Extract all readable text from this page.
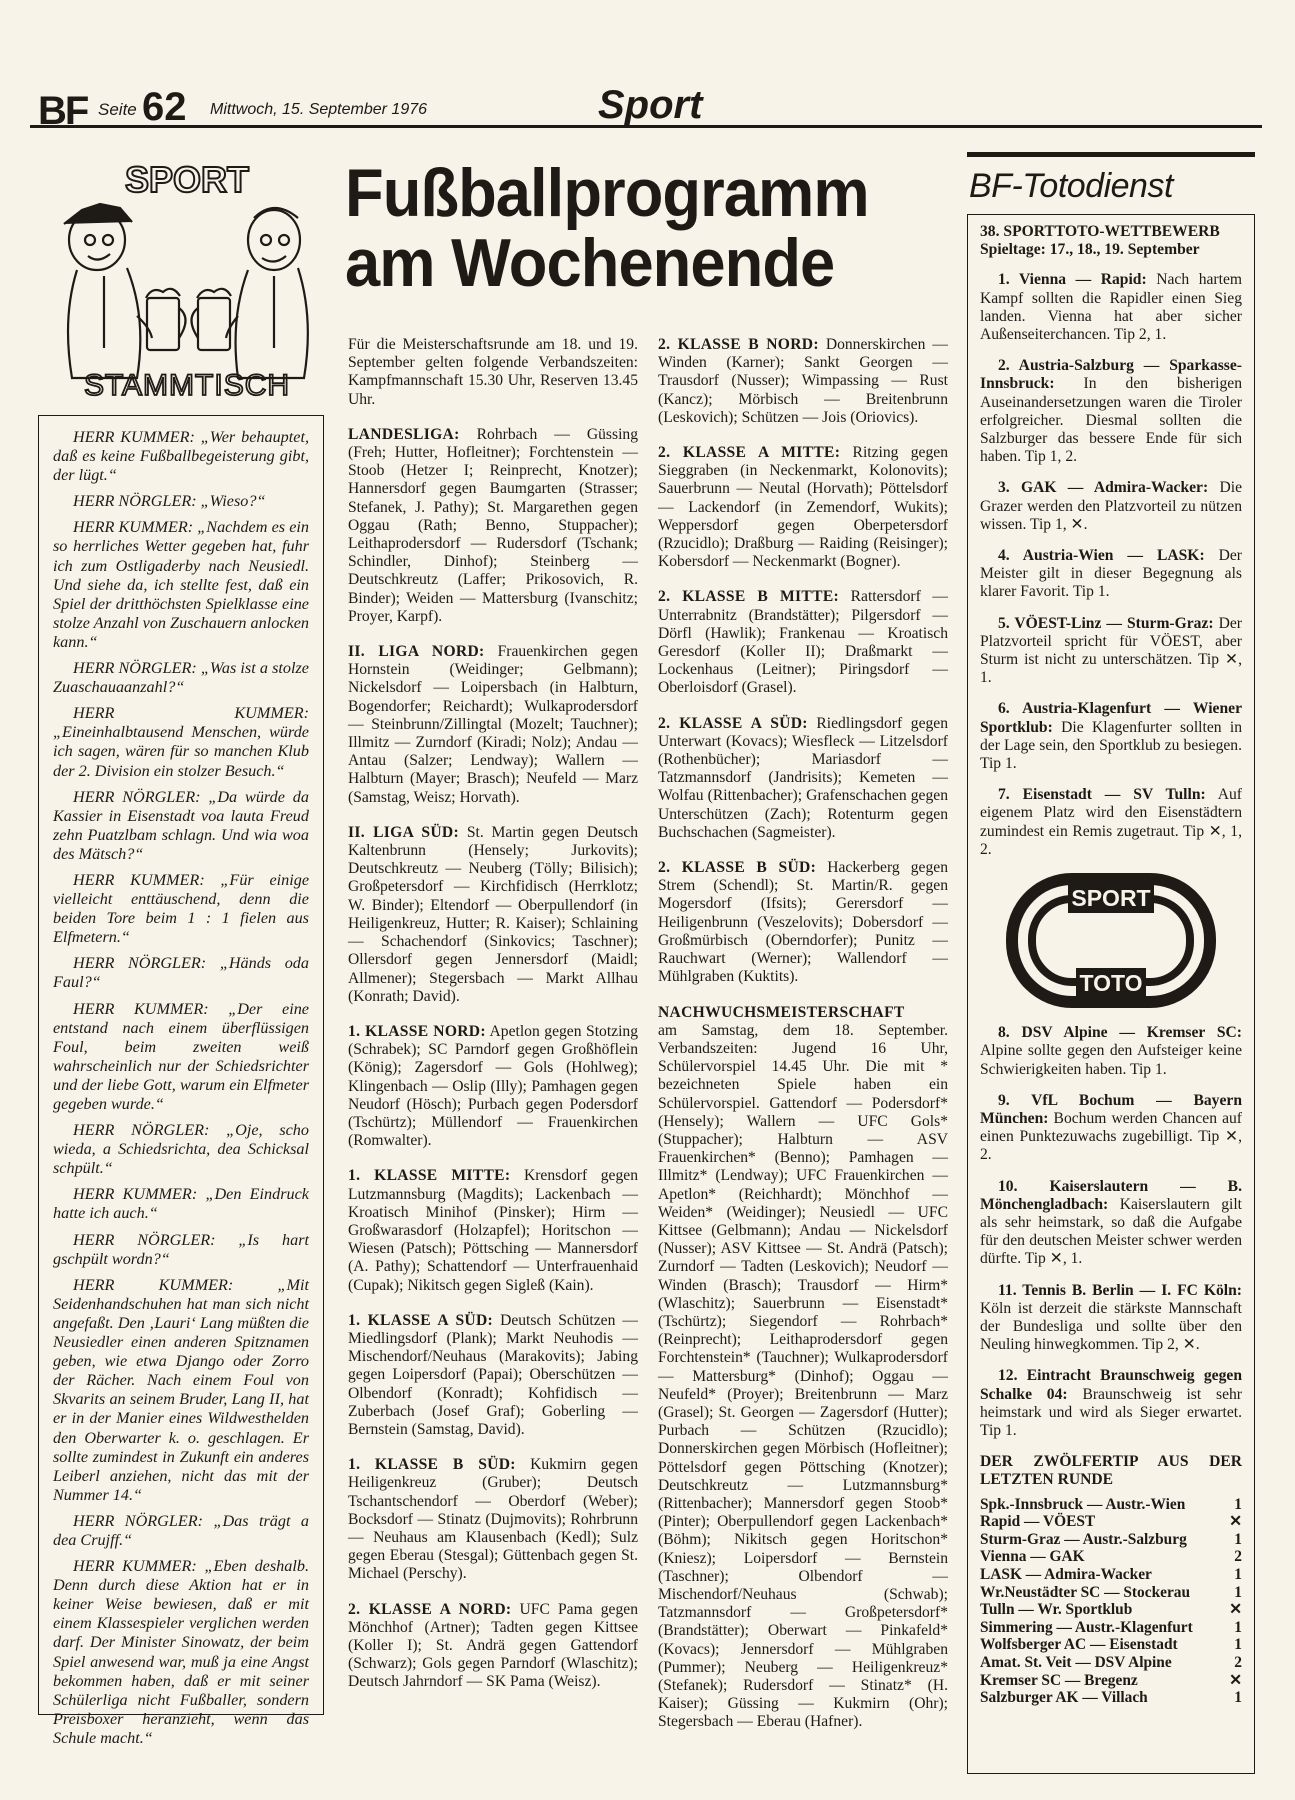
BF Seite 62 Mittwoch, 15. September 1976	Sport
SPORT
STAMMTISCH
Fußballprogramm
am Wochenende

HERR KUMMER: „Wer behauptet, daß es keine Fußballbegeisterung gibt, der lügt.“

HERR NÖRGLER: „Wieso?“

HERR KUMMER: „Nachdem es ein so herrliches Wetter gegeben hat, fuhr ich zum Ostligaderby nach Neusiedl. Und siehe da, ich stellte fest, daß ein Spiel der dritthöchsten Spielklasse eine stolze Anzahl von Zuschauern anlocken kann.“

HERR NÖRGLER: „Was ist a stolze Zuaschauaanzahl?“

HERR KUMMER: „Eineinhalbtausend Menschen, würde ich sagen, wären für so manchen Klub der 2. Division ein stolzer Besuch.“

HERR NÖRGLER: „Da würde da Kassier in Eisenstadt voa lauta Freud zehn Puatzlbam schlagn. Und wia woa des Mätsch?“

HERR KUMMER: „Für einige vielleicht enttäuschend, denn die beiden Tore beim 1 : 1 fielen aus Elfmetern.“

HERR NÖRGLER: „Händs oda Faul?“

HERR KUMMER: „Der eine entstand nach einem überflüssigen Foul, beim zweiten weiß wahrscheinlich nur der Schiedsrichter und der liebe Gott, warum ein Elfmeter gegeben wurde.“

HERR NÖRGLER: „Oje, scho wieda, a Schiedsrichta, dea Schicksal schpült.“

HERR KUMMER: „Den Eindruck hatte ich auch.“

HERR NÖRGLER: „Is hart gschpült wordn?“

HERR KUMMER: „Mit Seidenhandschuhen hat man sich nicht angefaßt. Den ‚Lauri‘ Lang müßten die Neusiedler einen anderen Spitznamen geben, wie etwa Django oder Zorro der Rächer. Nach einem Foul von Skvarits an seinem Bruder, Lang II, hat er in der Manier eines Wildwesthelden den Oberwarter k. o. geschlagen. Er sollte zumindest in Zukunft ein anderes Leiberl anziehen, nicht das mit der Nummer 14.“

HERR NÖRGLER: „Das trägt a dea Crujff.“

HERR KUMMER: „Eben deshalb. Denn durch diese Aktion hat er in keiner Weise bewiesen, daß er mit einem Klassespieler verglichen werden darf. Der Minister Sinowatz, der beim Spiel anwesend war, muß ja eine Angst bekommen haben, daß er mit seiner Schülerliga nicht Fußballer, sondern Preisboxer heranzieht, wenn das Schule macht.“

Für die Meisterschaftsrunde am 18. und 19. September gelten folgende Verbandszeiten: Kampfmannschaft 15.30 Uhr, Reserven 13.45 Uhr.

LANDESLIGA: Rohrbach — Güssing (Freh; Hutter, Hofleitner); Forchtenstein — Stoob (Hetzer I; Reinprecht, Knotzer); Hannersdorf gegen Baumgarten (Strasser; Stefanek, J. Pathy); St. Margarethen gegen Oggau (Rath; Benno, Stuppacher); Leithaprodersdorf — Rudersdorf (Tschank; Schindler, Dinhof); Steinberg — Deutschkreutz (Laffer; Prikosovich, R. Binder); Weiden — Mattersburg (Ivanschitz; Proyer, Karpf).

II. LIGA NORD: Frauenkirchen gegen Hornstein (Weidinger; Gelbmann); Nickelsdorf — Loipersbach (in Halbturn, Bogendorfer; Reichardt); Wulkaprodersdorf — Steinbrunn/Zillingtal (Mozelt; Tauchner); Illmitz — Zurndorf (Kiradi; Nolz); Andau — Antau (Salzer; Lendway); Wallern — Halbturn (Mayer; Brasch); Neufeld — Marz (Samstag, Weisz; Horvath).

II. LIGA SÜD: St. Martin gegen Deutsch Kaltenbrunn (Hensely; Jurkovits); Deutschkreutz — Neuberg (Tölly; Bilisich); Großpetersdorf — Kirchfidisch (Herrklotz; W. Binder); Eltendorf — Oberpullendorf (in Heiligenkreuz, Hutter; R. Kaiser); Schlaining — Schachendorf (Sinkovics; Taschner); Ollersdorf gegen Jennersdorf (Maidl; Allmener); Stegersbach — Markt Allhau (Konrath; David).

1. KLASSE NORD: Apetlon gegen Stotzing (Schrabek); SC Parndorf gegen Großhöflein (König); Zagersdorf — Gols (Hohlweg); Klingenbach — Oslip (Illy); Pamhagen gegen Neudorf (Hösch); Purbach gegen Podersdorf (Tschürtz); Müllendorf — Frauenkirchen (Romwalter).

1. KLASSE MITTE: Krensdorf gegen Lutzmannsburg (Magdits); Lackenbach — Kroatisch Minihof (Pinsker); Hirm — Großwarasdorf (Holzapfel); Horitschon — Wiesen (Patsch); Pöttsching — Mannersdorf (A. Pathy); Schattendorf — Unterfrauenhaid (Cupak); Nikitsch gegen Sigleß (Kain).

1. KLASSE A SÜD: Deutsch Schützen — Miedlingsdorf (Plank); Markt Neuhodis — Mischendorf/Neuhaus (Marakovits); Jabing gegen Loipersdorf (Papai); Oberschützen — Olbendorf (Konradt); Kohfidisch — Zuberbach (Josef Graf); Goberling — Bernstein (Samstag, David).

1. KLASSE B SÜD: Kukmirn gegen Heiligenkreuz (Gruber); Deutsch Tschantschendorf — Oberdorf (Weber); Bocksdorf — Stinatz (Dujmovits); Rohrbrunn — Neuhaus am Klausenbach (Kedl); Sulz gegen Eberau (Stesgal); Güttenbach gegen St. Michael (Perschy).

2. KLASSE A NORD: UFC Pama gegen Mönchhof (Artner); Tadten gegen Kittsee (Koller I); St. Andrä gegen Gattendorf (Schwarz); Gols gegen Parndorf (Wlaschitz); Deutsch Jahrndorf — SK Pama (Weisz).

2. KLASSE B NORD: Donnerskirchen — Winden (Karner); Sankt Georgen — Trausdorf (Nusser); Wimpassing — Rust (Kancz); Mörbisch — Breitenbrunn (Leskovich); Schützen — Jois (Oriovics).

2. KLASSE A MITTE: Ritzing gegen Sieggraben (in Neckenmarkt, Kolonovits); Sauerbrunn — Neutal (Horvath); Pöttelsdorf — Lackendorf (in Zemendorf, Wukits); Weppersdorf gegen Oberpetersdorf (Rzucidlo); Draßburg — Raiding (Reisinger); Kobersdorf — Neckenmarkt (Bogner).

2. KLASSE B MITTE: Rattersdorf — Unterrabnitz (Brandstätter); Pilgersdorf — Dörfl (Hawlik); Frankenau — Kroatisch Geresdorf (Koller II); Draßmarkt — Lockenhaus (Leitner); Piringsdorf — Oberloisdorf (Grasel).

2. KLASSE A SÜD: Riedlingsdorf gegen Unterwart (Kovacs); Wiesfleck — Litzelsdorf (Rothenbücher); Mariasdorf — Tatzmannsdorf (Jandrisits); Kemeten — Wolfau (Rittenbacher); Grafenschachen gegen Unterschützen (Zach); Rotenturm gegen Buchschachen (Sagmeister).

2. KLASSE B SÜD: Hackerberg gegen Strem (Schendl); St. Martin/R. gegen Mogersdorf (Ifsits); Gerersdorf — Heiligenbrunn (Veszelovits); Dobersdorf — Großmürbisch (Oberndorfer); Punitz — Rauchwart (Werner); Wallendorf — Mühlgraben (Kuktits).

NACHWUCHSMEISTERSCHAFT
am Samstag, dem 18. September. Verbandszeiten: Jugend 16 Uhr, Schülervorspiel 14.45 Uhr. Die mit * bezeichneten Spiele haben ein Schülervorspiel. Gattendorf — Podersdorf* (Hensely); Wallern — UFC Gols* (Stuppacher); Halbturn — ASV Frauenkirchen* (Benno); Pamhagen — Illmitz* (Lendway); UFC Frauenkirchen — Apetlon* (Reichhardt); Mönchhof — Weiden* (Weidinger); Neusiedl — UFC Kittsee (Gelbmann); Andau — Nickelsdorf (Nusser); ASV Kittsee — St. Andrä (Patsch); Zurndorf — Tadten (Leskovich); Neudorf — Winden (Brasch); Trausdorf — Hirm* (Wlaschitz); Sauerbrunn — Eisenstadt* (Tschürtz); Siegendorf — Rohrbach* (Reinprecht); Leithaprodersdorf gegen Forchtenstein* (Tauchner); Wulkaprodersdorf — Mattersburg* (Dinhof); Oggau — Neufeld* (Proyer); Breitenbrunn — Marz (Grasel); St. Georgen — Zagersdorf (Hutter); Purbach — Schützen (Rzucidlo); Donnerskirchen gegen Mörbisch (Hofleitner); Pöttelsdorf gegen Pöttsching (Knotzer); Deutschkreutz — Lutzmannsburg* (Rittenbacher); Mannersdorf gegen Stoob* (Pinter); Oberpullendorf gegen Lackenbach* (Böhm); Nikitsch gegen Horitschon* (Kniesz); Loipersdorf — Bernstein (Taschner); Olbendorf — Mischendorf/Neuhaus (Schwab); Tatzmannsdorf — Großpetersdorf* (Brandstätter); Oberwart — Pinkafeld* (Kovacs); Jennersdorf — Mühlgraben (Pummer); Neuberg — Heiligenkreuz* (Stefanek); Rudersdorf — Stinatz* (H. Kaiser); Güssing — Kukmirn (Ohr); Stegersbach — Eberau (Hafner).

BF-Totodienst
38. SPORTTOTO-WETTBEWERB
Spieltage: 17., 18., 19. September

1. Vienna — Rapid: Nach hartem Kampf sollten die Rapidler einen Sieg landen. Vienna hat aber sicher Außenseiterchancen. Tip 2, 1.

2. Austria-Salzburg — Sparkasse-Innsbruck: In den bisherigen Auseinandersetzungen waren die Tiroler erfolgreicher. Diesmal sollten die Salzburger das bessere Ende für sich haben. Tip 1, 2.

3. GAK — Admira-Wacker: Die Grazer werden den Platzvorteil zu nützen wissen. Tip 1, ✕.

4. Austria-Wien — LASK: Der Meister gilt in dieser Begegnung als klarer Favorit. Tip 1.

5. VÖEST-Linz — Sturm-Graz: Der Platzvorteil spricht für VÖEST, aber Sturm ist nicht zu unterschätzen. Tip ✕, 1.

6. Austria-Klagenfurt — Wiener Sportklub: Die Klagenfurter sollten in der Lage sein, den Sportklub zu besiegen. Tip 1.

7. Eisenstadt — SV Tulln: Auf eigenem Platz wird den Eisenstädtern zumindest ein Remis zugetraut. Tip ✕, 1, 2.

SPORT
TOTO

8. DSV Alpine — Kremser SC: Alpine sollte gegen den Aufsteiger keine Schwierigkeiten haben. Tip 1.

9. VfL Bochum — Bayern München: Bochum werden Chancen auf einen Punktezuwachs zugebilligt. Tip ✕, 2.

10. Kaiserslautern — B. Mönchengladbach: Kaiserslautern gilt als sehr heimstark, so daß die Aufgabe für den deutschen Meister schwer werden dürfte. Tip ✕, 1.

11. Tennis B. Berlin — I. FC Köln: Köln ist derzeit die stärkste Mannschaft der Bundesliga und sollte über den Neuling hinwegkommen. Tip 2, ✕.

12. Eintracht Braunschweig gegen Schalke 04: Braunschweig ist sehr heimstark und wird als Sieger erwartet. Tip 1.

DER ZWÖLFERTIP AUS DER LETZTEN RUNDE
Spk.-Innsbruck — Austr.-Wien	1
Rapid — VÖEST	✕
Sturm-Graz — Austr.-Salzburg	1
Vienna — GAK	2
LASK — Admira-Wacker	1
Wr.Neustädter SC — Stockerau	1
Tulln — Wr. Sportklub	✕
Simmering — Austr.-Klagenfurt	1
Wolfsberger AC — Eisenstadt	1
Amat. St. Veit — DSV Alpine	2
Kremser SC — Bregenz	✕
Salzburger AK — Villach	1
